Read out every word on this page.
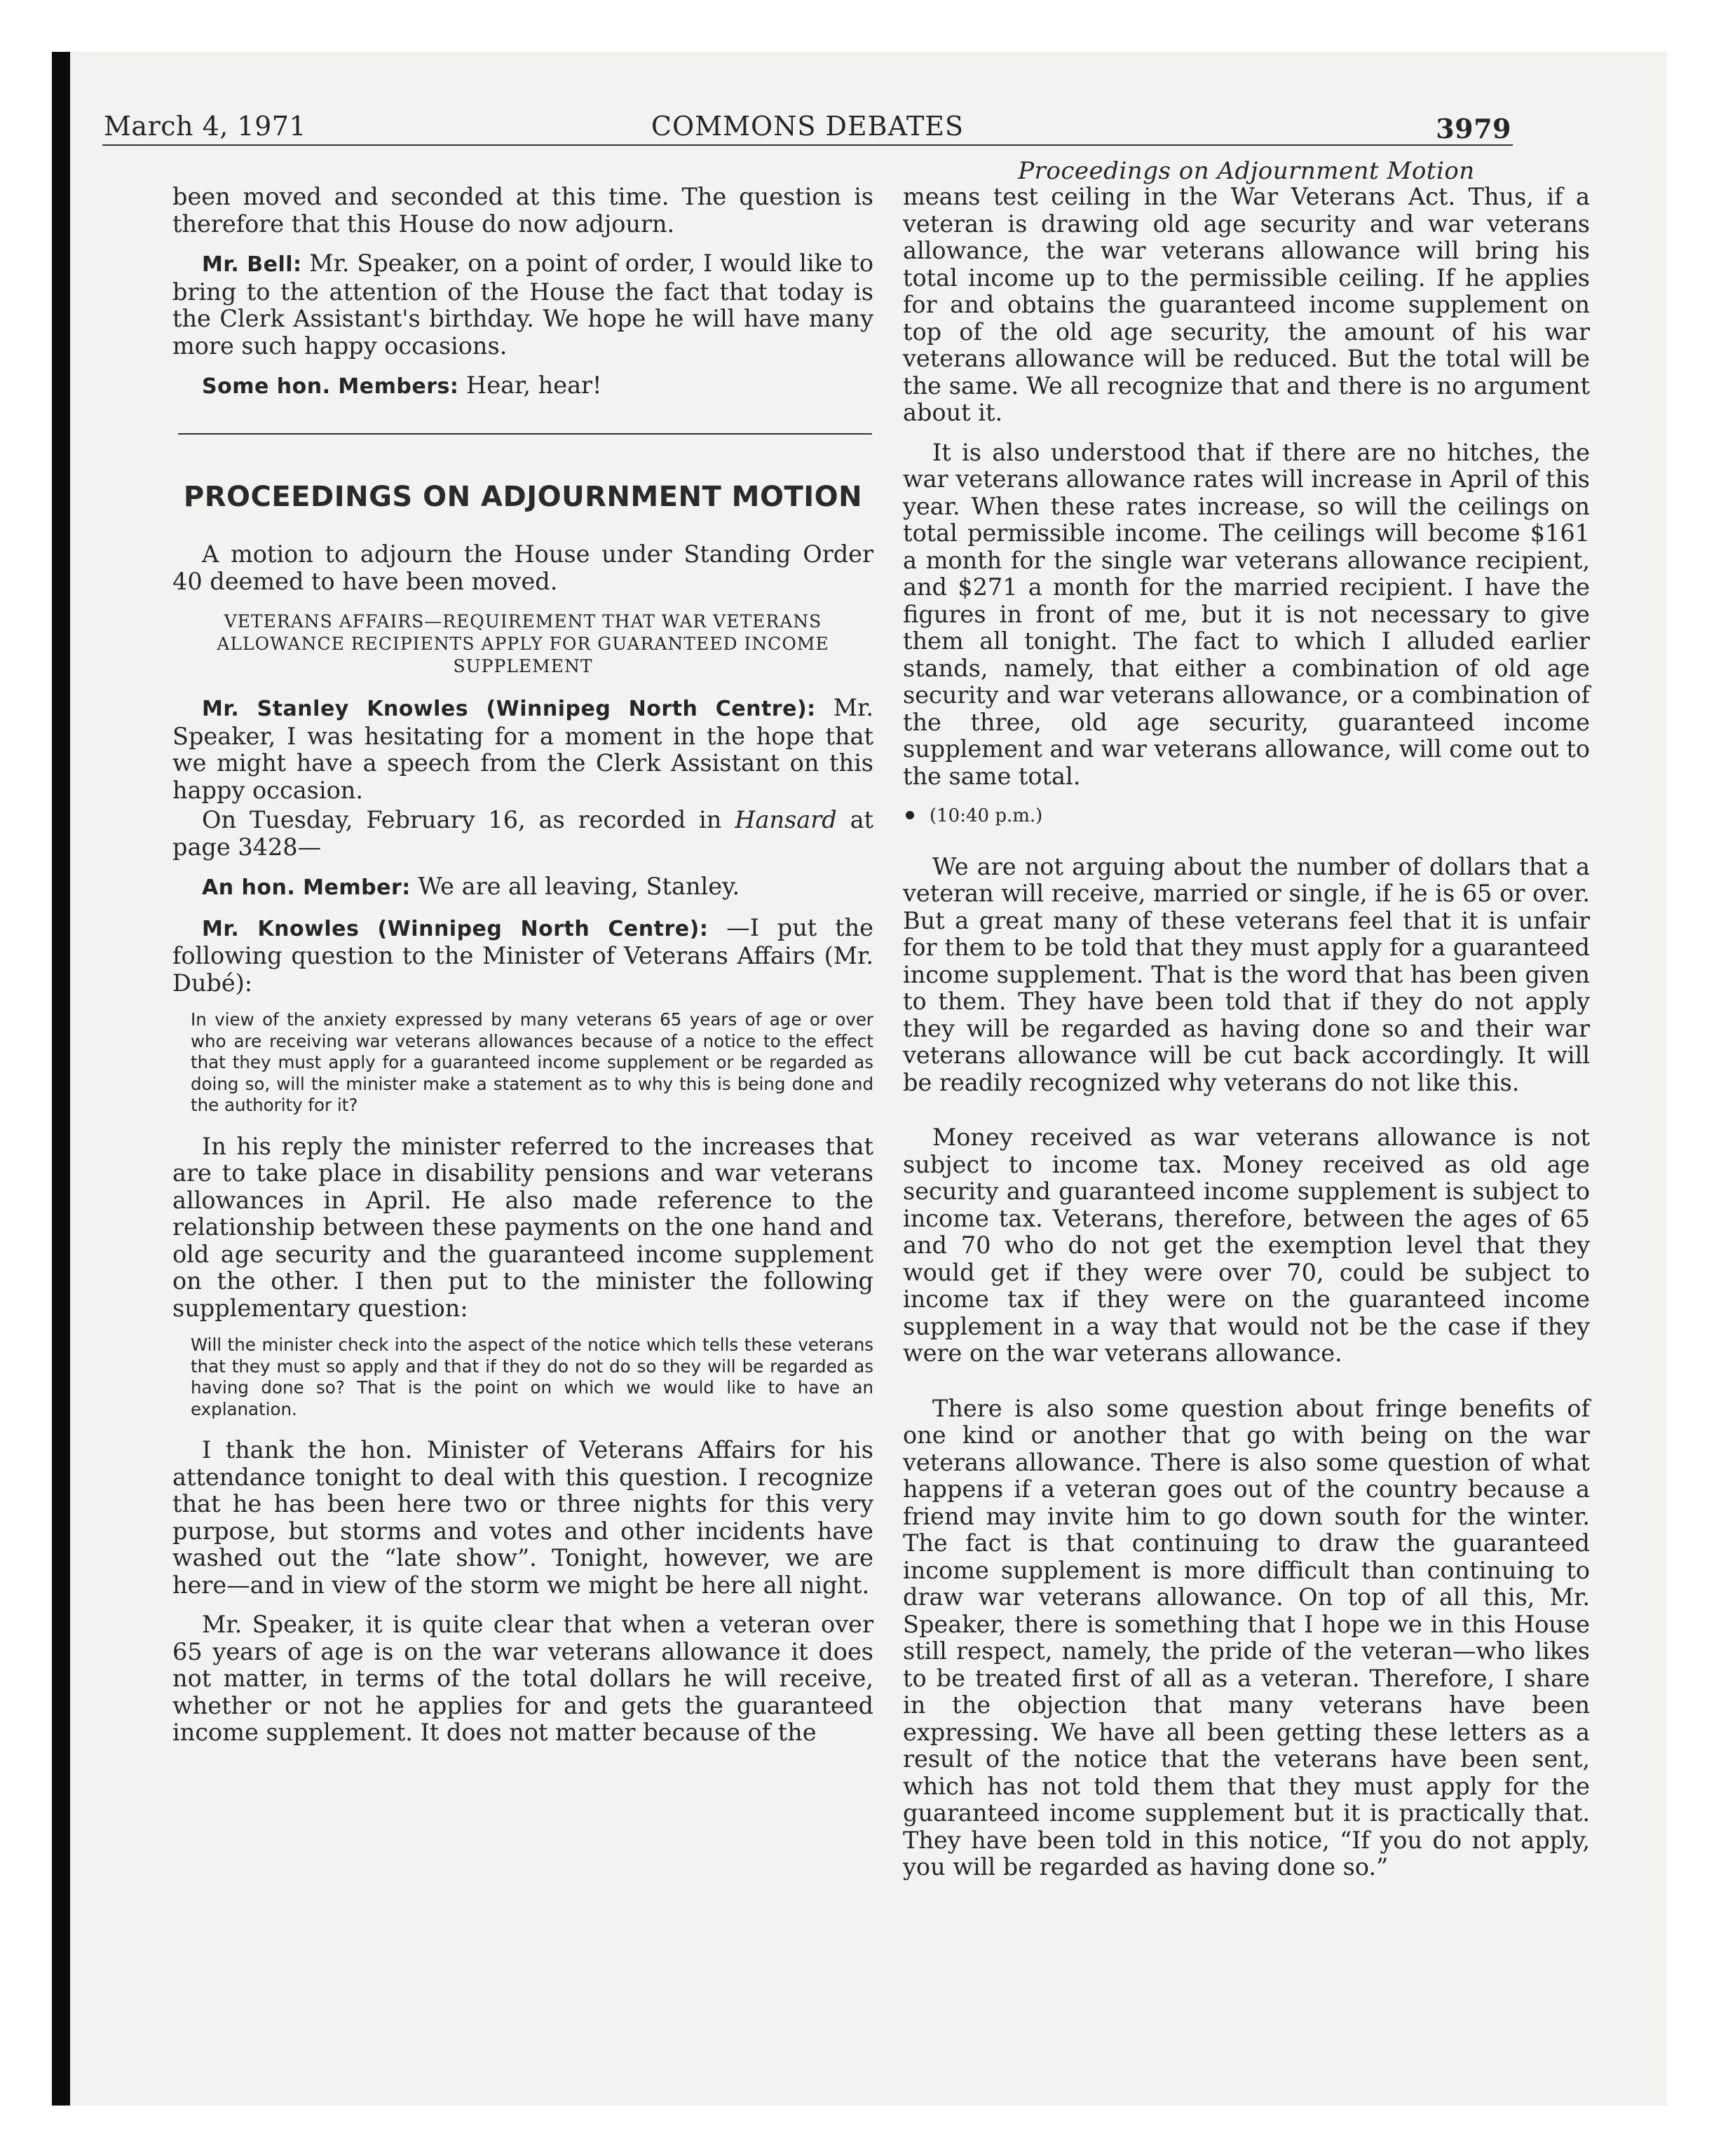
March 4, 1971	COMMONS DEBATES	3979
Proceedings on Adjournment Motion

been moved and seconded at this time. The question is therefore that this House do now adjourn.

Mr. Bell: Mr. Speaker, on a point of order, I would like to bring to the attention of the House the fact that today is the Clerk Assistant's birthday. We hope he will have many more such happy occasions.

Some hon. Members: Hear, hear!

PROCEEDINGS ON ADJOURNMENT MOTION

A motion to adjourn the House under Standing Order 40 deemed to have been moved.

VETERANS AFFAIRS—REQUIREMENT THAT WAR VETERANS ALLOWANCE RECIPIENTS APPLY FOR GUARANTEED INCOME SUPPLEMENT

Mr. Stanley Knowles (Winnipeg North Centre): Mr. Speaker, I was hesitating for a moment in the hope that we might have a speech from the Clerk Assistant on this happy occasion.

On Tuesday, February 16, as recorded in Hansard at page 3428—

An hon. Member: We are all leaving, Stanley.

Mr. Knowles (Winnipeg North Centre): —I put the following question to the Minister of Veterans Affairs (Mr. Dubé):

In view of the anxiety expressed by many veterans 65 years of age or over who are receiving war veterans allowances because of a notice to the effect that they must apply for a guaranteed income supplement or be regarded as doing so, will the minister make a statement as to why this is being done and the authority for it?

In his reply the minister referred to the increases that are to take place in disability pensions and war veterans allowances in April. He also made reference to the relationship between these payments on the one hand and old age security and the guaranteed income supplement on the other. I then put to the minister the following supplementary question:

Will the minister check into the aspect of the notice which tells these veterans that they must so apply and that if they do not do so they will be regarded as having done so? That is the point on which we would like to have an explanation.

I thank the hon. Minister of Veterans Affairs for his attendance tonight to deal with this question. I recognize that he has been here two or three nights for this very purpose, but storms and votes and other incidents have washed out the “late show”. Tonight, however, we are here—and in view of the storm we might be here all night.

Mr. Speaker, it is quite clear that when a veteran over 65 years of age is on the war veterans allowance it does not matter, in terms of the total dollars he will receive, whether or not he applies for and gets the guaranteed income supplement. It does not matter because of the

means test ceiling in the War Veterans Act. Thus, if a veteran is drawing old age security and war veterans allowance, the war veterans allowance will bring his total income up to the permissible ceiling. If he applies for and obtains the guaranteed income supplement on top of the old age security, the amount of his war veterans allowance will be reduced. But the total will be the same. We all recognize that and there is no argument about it.

It is also understood that if there are no hitches, the war veterans allowance rates will increase in April of this year. When these rates increase, so will the ceilings on total permissible income. The ceilings will become $161 a month for the single war veterans allowance recipient, and $271 a month for the married recipient. I have the figures in front of me, but it is not necessary to give them all tonight. The fact to which I alluded earlier stands, namely, that either a combination of old age security and war veterans allowance, or a combination of the three, old age security, guaranteed income supplement and war veterans allowance, will come out to the same total.

(10:40 p.m.)

We are not arguing about the number of dollars that a veteran will receive, married or single, if he is 65 or over. But a great many of these veterans feel that it is unfair for them to be told that they must apply for a guaranteed income supplement. That is the word that has been given to them. They have been told that if they do not apply they will be regarded as having done so and their war veterans allowance will be cut back accordingly. It will be readily recognized why veterans do not like this.

Money received as war veterans allowance is not subject to income tax. Money received as old age security and guaranteed income supplement is subject to income tax. Veterans, therefore, between the ages of 65 and 70 who do not get the exemption level that they would get if they were over 70, could be subject to income tax if they were on the guaranteed income supplement in a way that would not be the case if they were on the war veterans allowance.

There is also some question about fringe benefits of one kind or another that go with being on the war veterans allowance. There is also some question of what happens if a veteran goes out of the country because a friend may invite him to go down south for the winter. The fact is that continuing to draw the guaranteed income supplement is more difficult than continuing to draw war veterans allowance. On top of all this, Mr. Speaker, there is something that I hope we in this House still respect, namely, the pride of the veteran—who likes to be treated first of all as a veteran. Therefore, I share in the objection that many veterans have been expressing. We have all been getting these letters as a result of the notice that the veterans have been sent, which has not told them that they must apply for the guaranteed income supplement but it is practically that. They have been told in this notice, “If you do not apply, you will be regarded as having done so.”
